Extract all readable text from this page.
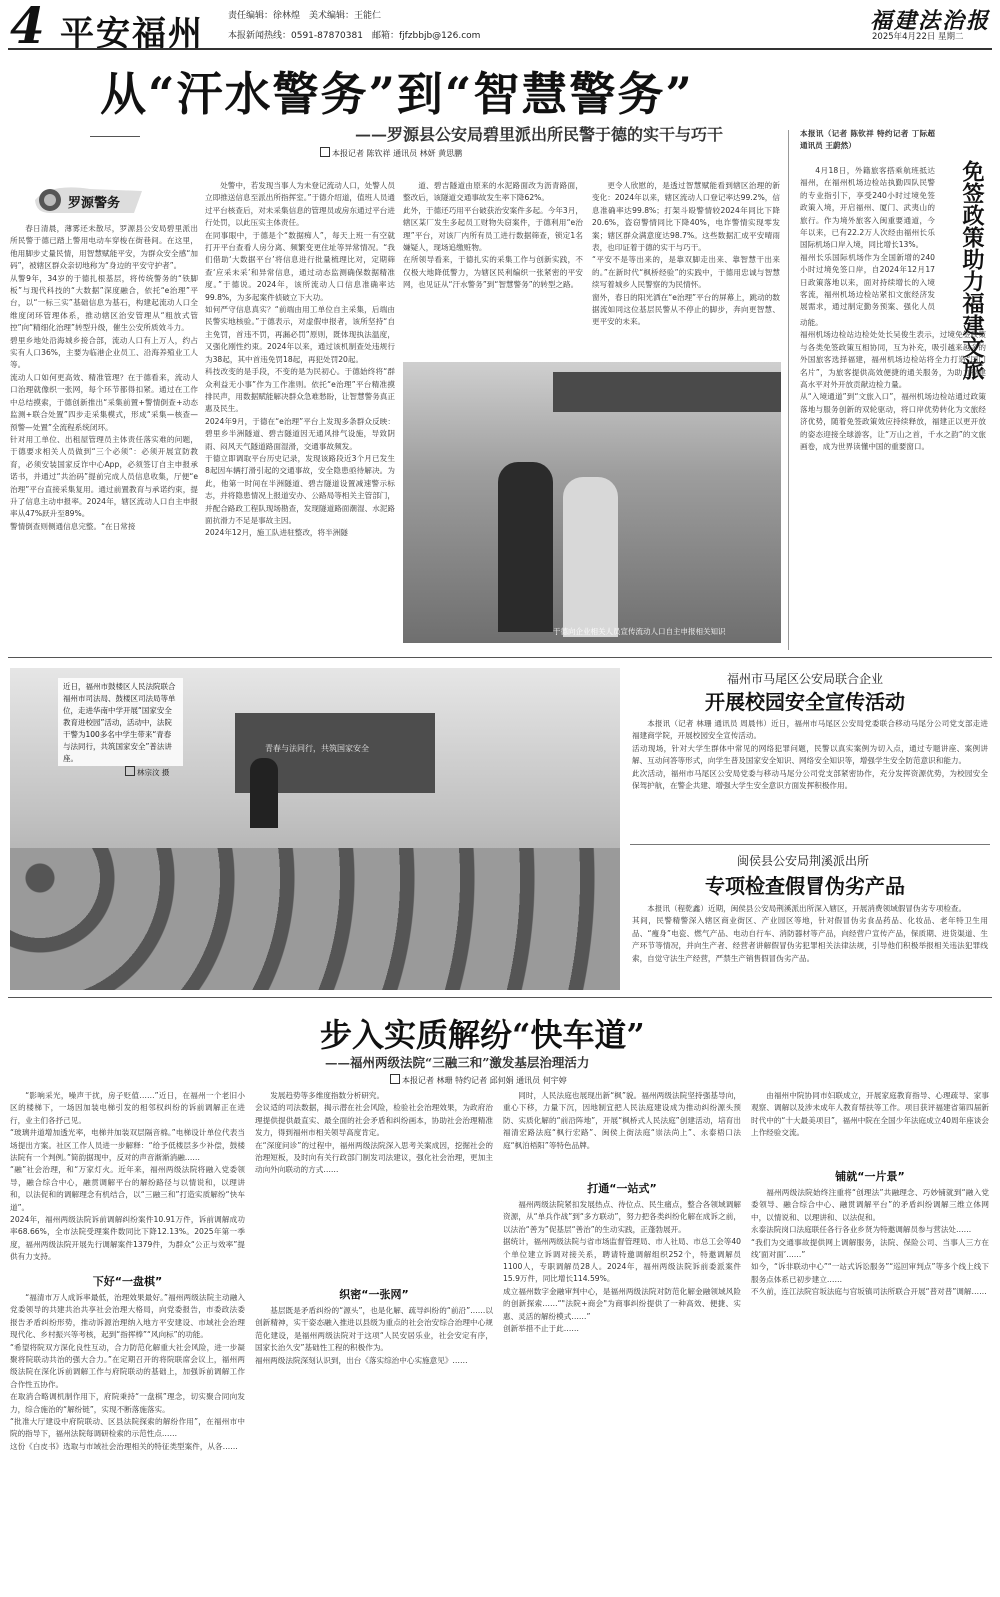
4 平安福州	责任编辑：徐林煌　美术编辑：王能仁
本报新闻热线：0591-87870381　邮箱：fjfzbbjb@126.com
福建法治报
2025年4月22日 星期二
从“汗水警务”到“智慧警务”
——罗源县公安局碧里派出所民警于德的实干与巧干
本报记者 陈钦祥 通讯员 林妍 黄思鹏
罗源警务

春日清晨，薄雾还未散尽，罗源县公安局碧里派出所民警于德已踏上警用电动车穿梭在街巷间。在这里，他用脚步丈量民情，用智慧赋能平安，为群众安全感“加码”，被辖区群众亲切地称为“身边的平安守护者”。
从警9年，34岁的于德扎根基层，将传统警务的“铁脚板”与现代科技的“大数据”深度融合，依托“e治理”平台，以“一标三实”基础信息为基石，构建起流动人口全维度闭环管理体系，推动辖区治安管理从“粗放式管控”向“精细化治理”转型升级，催生公安所质效斗力。
碧里乡地处沿海城乡接合部，流动人口有上万人，约占实有人口36%，主要为临港企业员工、沿海养殖业工人等。
流动人口如何更高效、精准管理？在于德看来，流动人口治理就像织一张网，每个环节都得扣紧。通过在工作中总结摸索，于德创新推出“采集前置+警情倒查+动态监测+联合处置”四步走采集模式，形成“采集—核查—预警—处置”全流程系统闭环。
针对用工单位、出租屋管理员主体责任落实难的问题，于德要求相关人员做到“三个必须”：必须开展宣防教育，必须安装国家反诈中心App，必须签订自主申报承诺书，并通过“共治码”提前完成人员信息收集，厅便“e治理”平台直接采集复用。通过前置教育与承诺约束，提升了信息主动申报率。2024年，辖区流动人口自主申报率从47%跃升至89%。
警情倒查则侧通信息完整。“在日常接

处警中，若发现当事人为未登记流动人口，处警人员立即推送信息至派出所指挥室。”于德介绍道，值班人员通过平台核查后，对未采集信息的管理员或房东通过平台进行处罚，以此压实主体责任。
在同事眼中，于德是个“数据痴人”，每天上班一有空就打开平台查看人房分离、频繁变更住址等异常情况。“我们借助‘大数据平台’将信息进行批量梳理比对，定期筛查‘应采未采’和异常信息，通过动态监测确保数据精准度。”于德说。2024年，该所流动人口信息准确率达99.8%，为多起案件侦破立下大功。
如何严守信息真实？“前端由用工单位自主采集，后端由民警实地核验。”于德表示，对虚假申报者，该所坚持“自主免罚，首违不罚，再漏必罚”原则，既体现执法温度，又强化刚性约束。2024年以来，通过该机制查处违规行为38起，其中首违免罚18起，再犯处罚20起。
科技改变的是手段，不变的是为民初心。于德始终将“群众利益无小事”作为工作准则。依托“e治理”平台精准摸排民声，用数据赋能解决群众急难愁盼，让智慧警务真正惠及民生。
2024年9月，于德在“e治理”平台上发现多条群众反映：碧里乡半洲隧道、碧吉隧道因无通风排气设施，导致阴雨、闷风天气隧道路面湿滑，交通事故频发。
于德立即调取平台历史记录，发现该路段近3个月已发生8起因车辆打滑引起的交通事故，安全隐患亟待解决。为此，他第一时间在半洲隧道、碧吉隧道设置减速警示标志，并将隐患情况上报道安办、公路局等相关主管部门，并配合路政工程队现场勘查，发现隧道路面潮湿、水泥路面抗滑力不足是事故主因。
2024年12月，施工队进驻整改，将半洲隧

道、碧吉隧道由原来的水泥路面改为沥青路面，整改后，该隧道交通事故发生率下降62%。
此外，于德还巧用平台破获治安案件多起。今年3月，辖区某厂发生多起员工财物失窃案件，于德利用“e治理”平台，对该厂内所有员工进行数据筛查，锁定1名嫌疑人，现场追缴赃物。
在所领导看来，于德扎实的采集工作与创新实践，不仅极大地降低警力，为辖区民利编织一张紧密的平安网，也见证从“汗水警务”到“智慧警务”的转型之路。

更令人欣慰的，是透过智慧赋能看到辖区治理的新变化：2024年以来，辖区流动人口登记率达99.2%，信息准确率达99.8%；打架斗殴警情较2024年同比下降20.6%，盗窃警情同比下降40%，电诈警情实现零发案；辖区群众满意度达98.7%。这些数据汇成平安晴雨表，也印证着于德的实干与巧干。
“平安不是等出来的，是靠双脚走出来、靠智慧干出来的。”在新时代“枫桥经验”的实践中，于德用忠诚与智慧续写着城乡人民警察的为民情怀。
窗外，春日的阳光洒在“e治理”平台的屏幕上，跳动的数据流如同这位基层民警从不停止的脚步，奔向更智慧、更平安的未来。

于德向企业相关人员宣传流动人口自主申报相关知识
免签政策助力福建文旅
本报讯（记者 陈钦祥 特约记者 丁际超 通讯员 王蔚然）

4月18日，外籍旅客搭乘航班抵达福州，在福州机场边检站执勤四队民警的专业指引下，享受240小时过境免签政策入境，开启福州、厦门、武夷山的旅行。作为境外旅客入闽重要通道，今年以来，已有22.2万人次经由福州长乐国际机场口岸入境，同比增长13%。
福州长乐国际机场作为全国新增的240小时过境免签口岸，自2024年12月17日政策落地以来，面对持续增长的入境客流，福州机场边检站紧扣文旅经济发展需求，通过制定勤务预案、强化人员

动能。
福州机场边检站边检处处长吴俊生表示，过境免签政策与各类免签政策互相协同，互为补充，吸引越来越多的外国旅客选择福建，福州机场边检站将全力打造“国门名片”，为旅客提供高效便捷的通关服务，为助力福建高水平对外开放贡献边检力量。
从“入境通道”到“文旅入口”，福州机场边检站通过政策落地与服务创新的双轮驱动，将口岸优势转化为文旅经济优势，随着免签政策效应持续释放，福建正以更开放的姿态迎接全球游客，让“万山之首，千水之韵”的文旅画卷，成为世界读懂中国的重要窗口。

青春与法同行，共筑国家安全
近日，福州市鼓楼区人民法院联合福州市司法局、鼓楼区司法局等单位，走进华南中学开展“国家安全教育进校园”活动，活动中，法院干警为100多名中学生带来“青春与法同行，共筑国家安全”普法讲座。
林宗汶 摄
福州市马尾区公安局联合企业
开展校园安全宣传活动

本报讯（记者 林珊 通讯员 周晨伟）近日，福州市马尾区公安局党委联合移动马尾分公司党支部走进福建商学院，开展校园安全宣传活动。
活动现场，针对大学生群体中常见的网络犯罪问题，民警以真实案例为切入点，通过专题讲座、案例讲解、互动问答等形式，向学生普及国家安全知识、网络安全知识等，增强学生安全防范意识和能力。
此次活动，福州市马尾区公安局党委与移动马尾分公司党支部紧密协作，充分发挥资源优势，为校园安全保驾护航，在警企共建、增强大学生安全意识方面发挥积极作用。

闽侯县公安局荆溪派出所
专项检查假冒伪劣产品

本报讯（程乾鑫）近期，闽侯县公安局荆溪派出所深入辖区，开展消费领域假冒伪劣专项检查。
其间，民警精警深入辖区商业街区、产业园区等地，针对假冒伪劣食品药品、化妆品、老年特卫生用品、“瘦身”电瓷、燃气产品、电动自行车、消防器材等产品，向经营户宣传产品，保质期、进货渠道、生产环节等情况，并向生产者、经营者讲解假冒伪劣犯罪相关法律法规，引导他们积极举报相关违法犯罪线索，自觉守法生产经营，严禁生产销售假冒伪劣产品。

步入实质解纷“快车道”
——福州两级法院“三融三和”激发基层治理活力
本报记者 林珊 特约记者 邱何娟 通讯员 何宇婷

“影响采光，噪声干扰，房子贬值……”近日，在福州一个老旧小区的楼梯下，一场因加装电梯引发的相邻权纠纷的诉前调解正在进行，业主们各抒己见。
“玻璃井道增加透光率，电梯井加装双层隔音棉。”电梯设计单位代表当场提出方案。社区工作人员进一步解释：“给予低楼层多少补偿，鼓楼法院有一个判例。”简韵据现中，反对的声音渐渐消融……
“融”社会治理，和“万家灯火。近年来，福州两级法院将融入党委领导，融合综合中心，融贯调解平台的解纷路径与以情说和，以理讲和，以法促和的调解理念有机结合，以“三融三和”打造实质解纷“快车道”。
2024年，福州两级法院诉前调解纠纷案件10.91万件，诉前调解成功率68.66%，全市法院受理案件数同比下降12.13%。2025年第一季度，福州两级法院开展先行调解案件1379件，为群众“公正与效率”提供有力支持。

下好“一盘棋”

“福清市万人成诉率最低，治理效果最好。”福州两级法院主动融入党委领导的共建共治共享社会治理大格局，向党委报告，市委政法委报告矛盾纠纷形势，推动诉源治理纳入地方平安建设、市域社会治理现代化、乡村振兴等考核，起到“指挥棒”“风向标”的功能。
“希望将院双方深化良性互动，合力防范化解重大社会风险，进一步凝聚将院联动共治的强大合力。”在定期召开的将院联席会议上，福州两级法院在深化诉前调解工作与府院联动的基础上，加强诉前调解工作合作性五协作。
在取消合略调机制作用下，府院秉持“一盘棋”理念，切实聚合同向发力，综合施治的“解纷链”，实现不断落施落实。
“批准大厅建设中府院联动、区县法院探索的解纷作用”，在福州市中院的指导下，福州法院每调研检索的示范性点……
这份《白皮书》选取与市域社会治理相关的特征类型案件，从各……

发展趋势等多维度指数分析研究。
会议适的司法数据，揭示潜在社会风险，检验社会治理效果，为政府治理提供提供最直实、最全面的社会矛盾和纠纷画本，协助社会治理精准发力，得到福州市相关领导高度肯定。
在“深度问诊”的过程中，福州两级法院深入思考关案成因，挖掘社会的治理短板，及时向有关行政部门制发司法建议，强化社会治理，更加主动向外向联动的方式……

织密“一张网”

基层既是矛盾纠纷的“源头”，也是化解、疏导纠纷的“前沿”……以创新精神，实干姿态融入推进以县级为重点的社会治安综合治理中心规范化建设，是福州两级法院对于这项“人民安居乐业，社会安定有序，国家长治久安”基础性工程的积极作为。
福州两级法院深刻认识到，出台《落实综治中心实施意见》……

同时，人民法庭也展现出新“枫”貌。福州两级法院坚持强基导向，重心下移，力量下沉，因地制宜把人民法庭建设成为推动纠纷源头预防、实质化解的“前沿阵地”，开展“枫桥式人民法庭”创建活动，培育出福清宏路法庭“枫行宏路”、闽侯上街法庭“崇法尚上”、永泰梧口法庭“枫泊梧阳”等特色品牌。

打通“一站式”

福州两级法院紧扣发展热点、待位点、民生痛点，整合各领域调解资源，从“单兵作战”到“多方联动”，努力把各类纠纷化解在成诉之前，以法治“善为”促基层“善治”的生动实践，正蓬勃展开。
据统计，福州两级法院与省市场监督管理局、市人社局、市总工会等40个单位建立诉调对接关系，聘请特邀调解组织252个，特邀调解员1100人，专职调解员28人。2024年，福州两级法院诉前委派案件15.9万件，同比增长114.59%。
成立福州数字金融审判中心，是福州两级法院对防范化解金融领域风险的创新探索……“"法院+商会"为商事纠纷提供了一种高效、便捷、实惠、灵活的解纷模式……”
创新举措不止于此……

由福州中院协同市妇联成立，开展家庭教育指导、心理疏导、家事观察、调解以及涉未成年人教育帮扶等工作。项目获评福建省第四届新时代中的“十大最美项目”，福州中院在全国少年法庭成立40周年座谈会上作经验交流。

铺就“一片景”

福州两级法院始终注重将“创理法”共融理念、巧妙铺就到“融入党委领导、融合综合中心、融贯调解平台”的矛盾纠纷调解三维立体网中，以情说和、以理讲和、以法促和。
永泰法院岗口法庭联任各行各业乡贤为特邀调解员参与营法处……
“我们为交通事故提供网上调解服务，法院、保险公司、当事人三方在线‘面对面’……”
如今，“诉非联动中心”“一站式诉讼服务”“巡回审判点”等多个线上线下服务点体系已初步建立……
不久前，连江法院官坂法庭与官坂镇司法所联合开展“普对普”调解……
